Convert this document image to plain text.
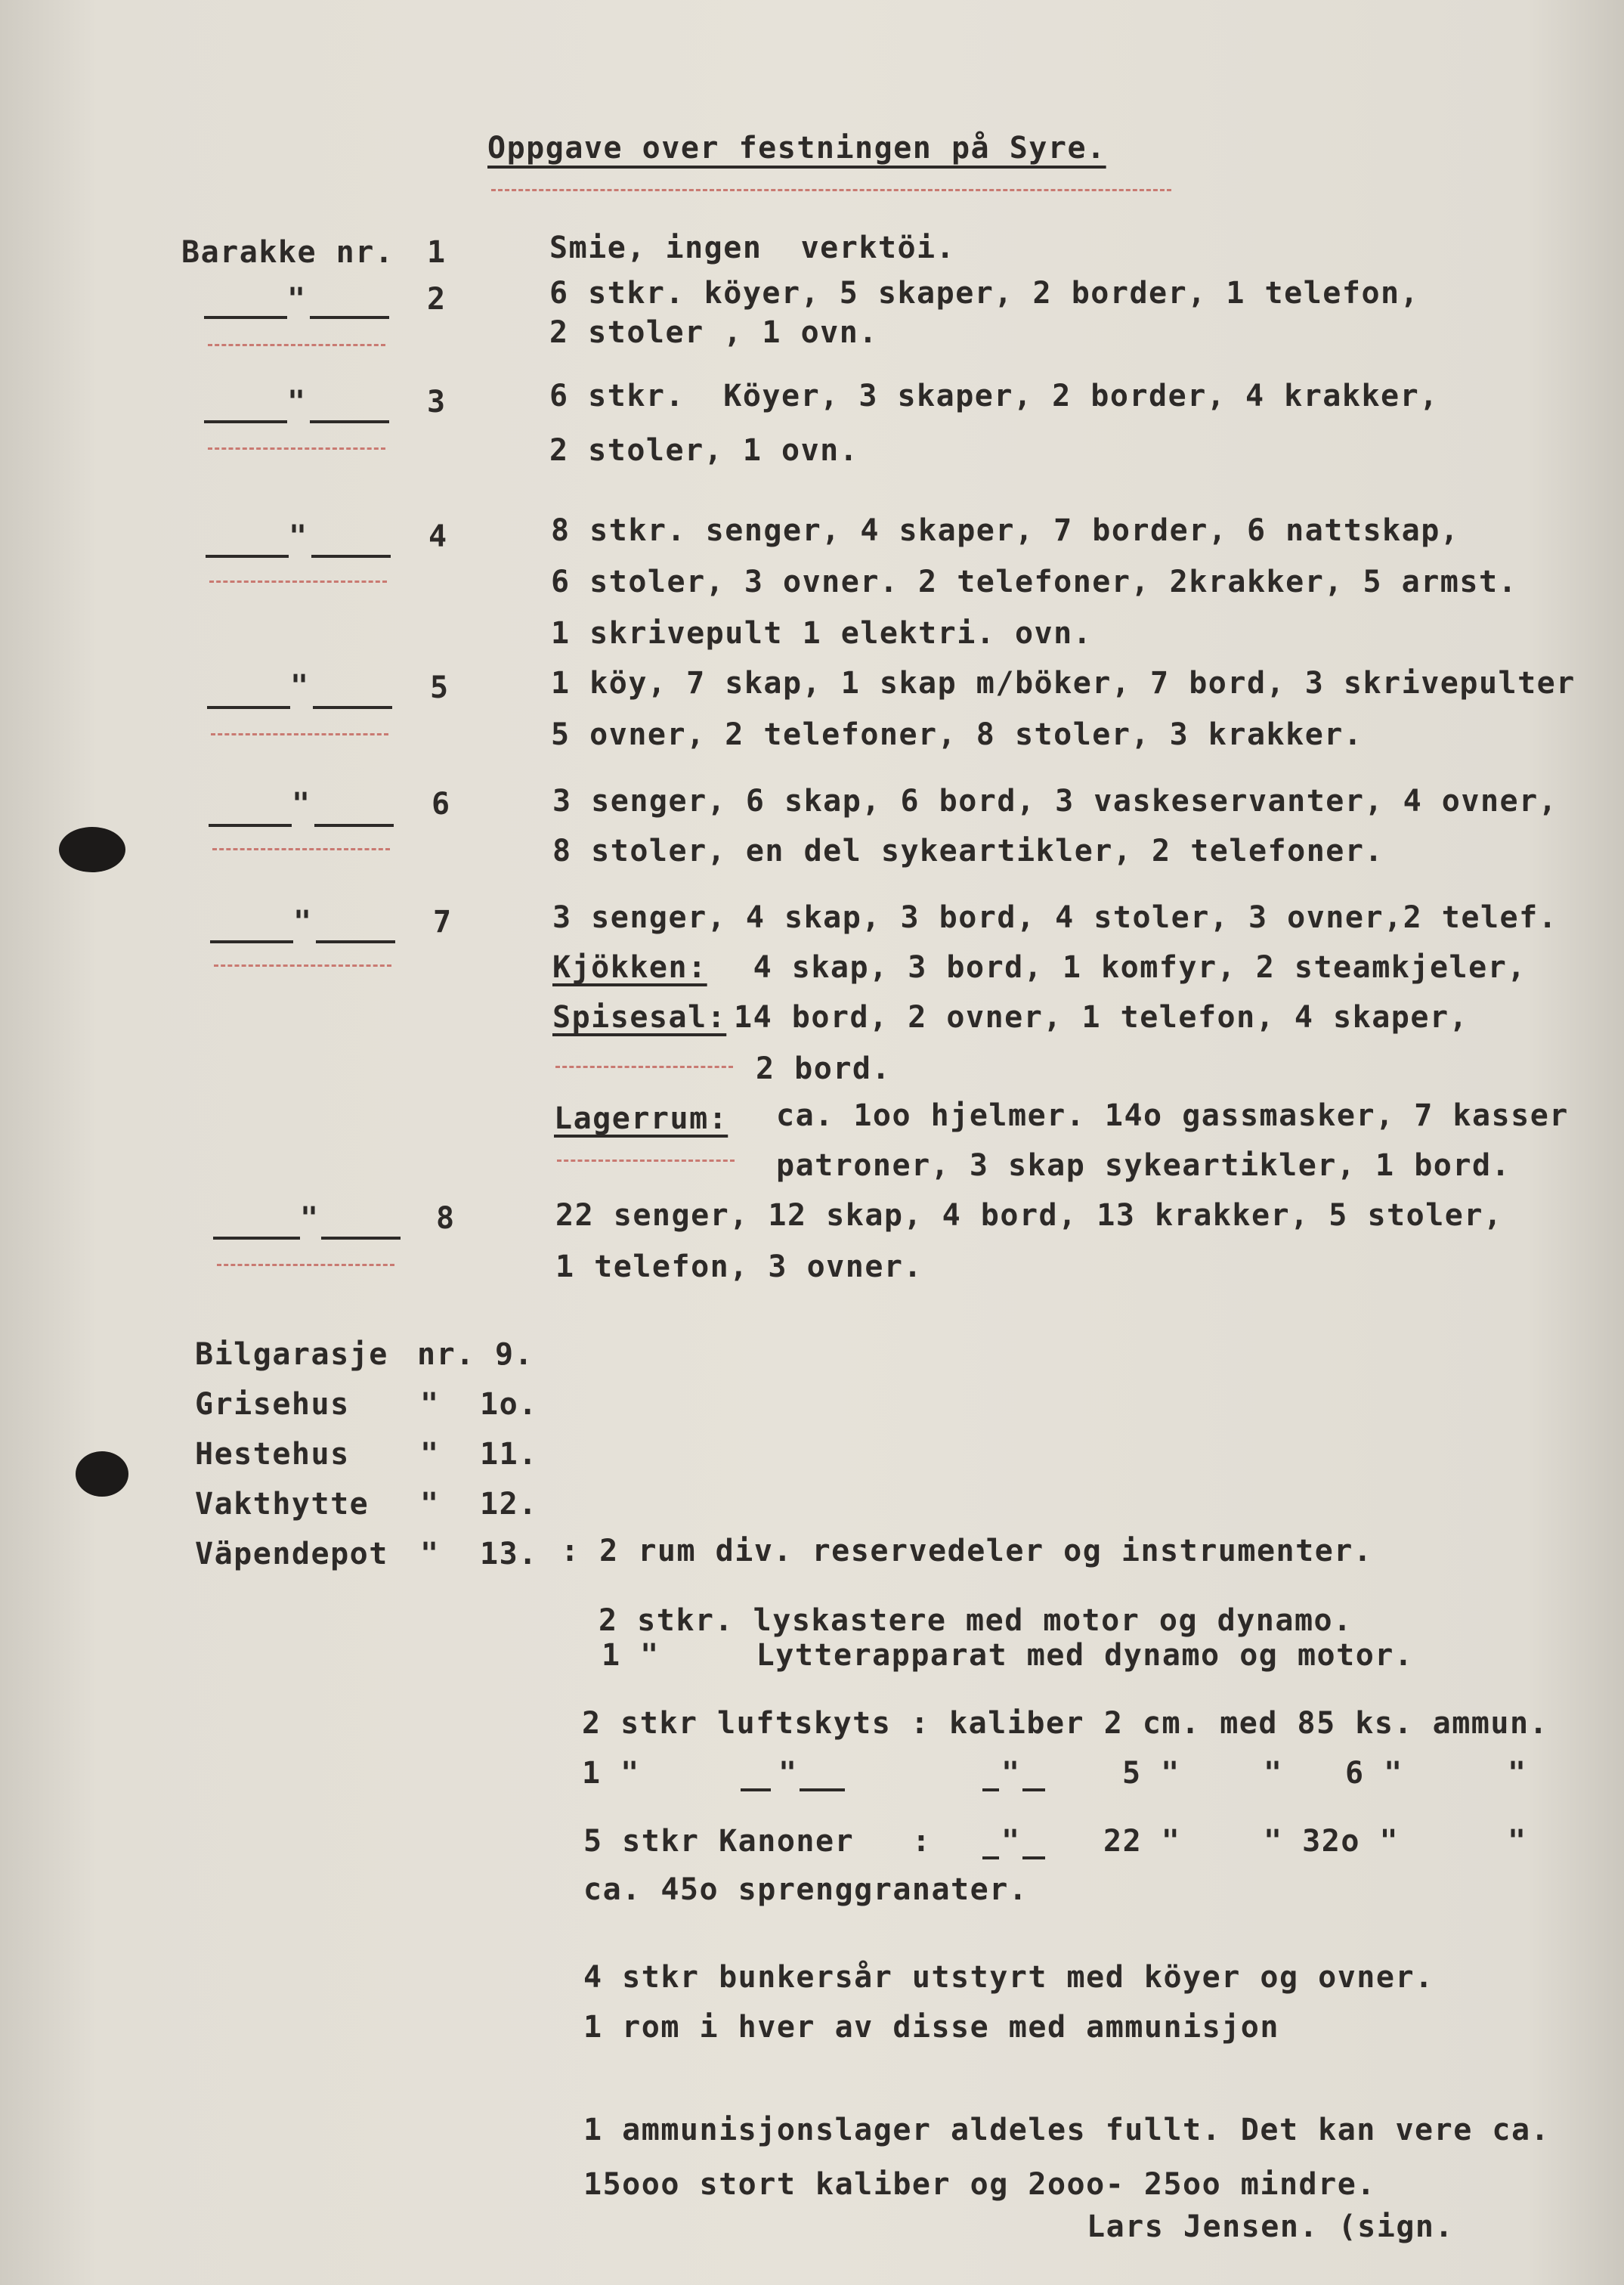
Oppgave over festningen på Syre.
Barakke nr. 1	Smie, ingen  verktöi.
"	2	6 stkr. köyer, 5 skaper, 2 border, 1 telefon,
2 stoler , 1 ovn.
"	3	6 stkr.  Köyer, 3 skaper, 2 border, 4 krakker,
2 stoler, 1 ovn.
"	4	8 stkr. senger, 4 skaper, 7 border, 6 nattskap,
6 stoler, 3 ovner. 2 telefoner, 2krakker, 5 armst.
1 skrivepult 1 elektri. ovn.
"	5	1 köy, 7 skap, 1 skap m/böker, 7 bord, 3 skrivepulter
5 ovner, 2 telefoner, 8 stoler, 3 krakker.
"	6	3 senger, 6 skap, 6 bord, 3 vaskeservanter, 4 ovner,
8 stoler, en del sykeartikler, 2 telefoner.
"	7	3 senger, 4 skap, 3 bord, 4 stoler, 3 ovner,2 telef.
Kjökken: 4 skap, 3 bord, 1 komfyr, 2 steamkjeler,
Spisesal: 14 bord, 2 ovner, 1 telefon, 4 skaper,
2 bord.
Lagerrum: ca. 1oo hjelmer. 14o gassmasker, 7 kasser
patroner, 3 skap sykeartikler, 1 bord.
"	8	22 senger, 12 skap, 4 bord, 13 krakker, 5 stoler,
1 telefon, 3 ovner.
Bilgarasje nr. 9.
Grisehus " 1o.
Hestehus " 11.
Vakthytte " 12.
Väpendepot " 13. : 2 rum div. reservedeler og instrumenter.
2 stkr. lyskastere med motor og dynamo.
1 "     Lytterapparat med dynamo og motor.
2 stkr luftskyts : kaliber 2 cm. med 85 ks. ammun.
1 "	"	"	5 "	" 6 "	"
5 stkr Kanoner   : "	22 "	" 32o "	"
ca. 45o sprenggranater.
4 stkr bunkersår utstyrt med köyer og ovner.
1 rom i hver av disse med ammunisjon
1 ammunisjonslager aldeles fullt. Det kan vere ca.
15ooo stort kaliber og 2ooo- 25oo mindre.
Lars Jensen. (sign.
